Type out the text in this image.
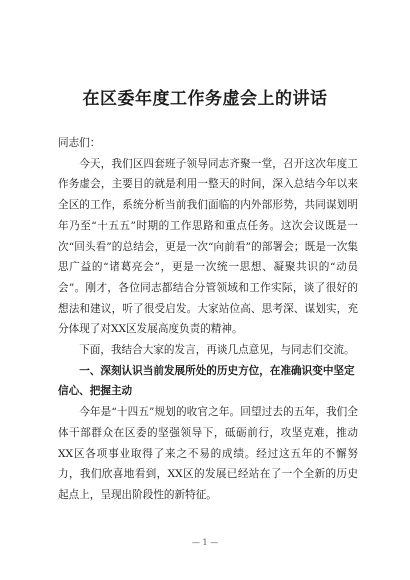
在区委年度工作务虚会上的讲话

同志们：

今天，我们区四套班子领导同志齐聚一堂，召开这次年度工作务虚会，主要目的就是利用一整天的时间，深入总结今年以来全区的工作，系统分析当前我们面临的内外部形势，共同谋划明年乃至“十五五”时期的工作思路和重点任务。这次会议既是一次“回头看”的总结会，更是一次“向前看”的部署会；既是一次集思广益的“诸葛亮会”，更是一次统一思想、凝聚共识的“动员会”。刚才，各位同志都结合分管领域和工作实际，谈了很好的想法和建议，听了很受启发。大家站位高、思考深、谋划实，充分体现了对XX区发展高度负责的精神。

下面，我结合大家的发言，再谈几点意见，与同志们交流。

一、深刻认识当前发展所处的历史方位，在准确识变中坚定信心、把握主动

今年是“十四五”规划的收官之年。回望过去的五年，我们全体干部群众在区委的坚强领导下，砥砺前行，攻坚克难，推动XX区各项事业取得了来之不易的成绩。经过这五年的不懈努力，我们欣喜地看到，XX区的发展已经站在了一个全新的历史起点上，呈现出阶段性的新特征。

— 1 —
